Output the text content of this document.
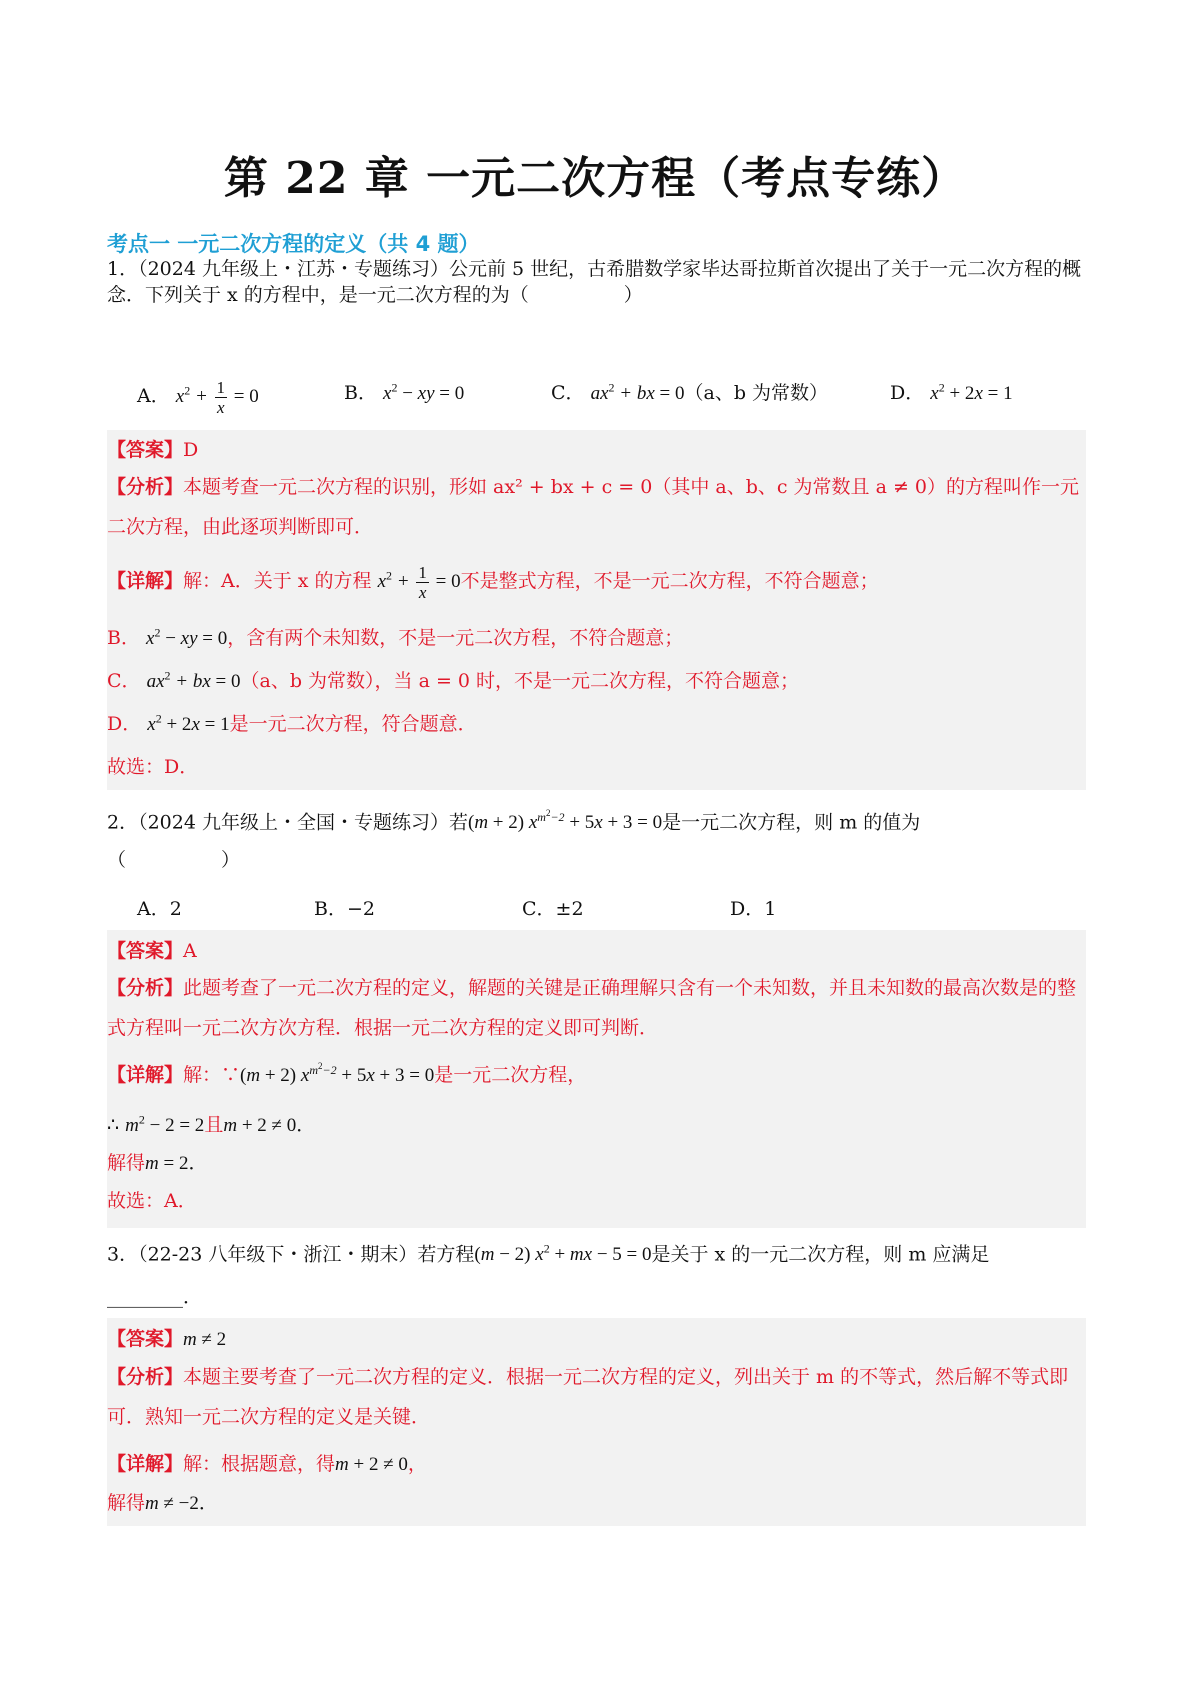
第 22 章 一元二次方程（考点专练）
考点一 一元二次方程的定义（共 4 题）
1．（2024 九年级上・江苏・专题练习）公元前 5 世纪，古希腊数学家毕达哥拉斯首次提出了关于一元二次方程的概念．下列关于 x 的方程中，是一元二次方程的为（　　　　　）
A． $x^2 + \frac{1}{x} = 0$	B． $x^2$ − xy = 0	C． $ax^2$ + bx = 0（a、b 为常数）	D． $x^2 + 2x = 1$
【答案】D
【分析】本题考查一元二次方程的识别，形如 ax² + bx + c = 0（其中 a、b、c 为常数且 a ≠ 0）的方程叫作一元二次方程，由此逐项判断即可．
【详解】解：A．关于 x 的方程 $x^2 + \frac{1}{x} = 0$不是整式方程，不是一元二次方程，不符合题意；
B． $x^2$ − xy = 0，含有两个未知数，不是一元二次方程，不符合题意；
C． $ax^2$ + bx = 0（a、b 为常数），当 a = 0 时，不是一元二次方程，不符合题意；
D． $x^2 + 2x = 1$是一元二次方程，符合题意．
故选：D．
2．（2024 九年级上・全国・专题练习）若(m + 2) $x^{m^2-2} + 5x + 3 = 0$是一元二次方程，则 m 的值为
（　　　　　）
A．2	B．−2	C．±2	D．1
【答案】A
【分析】此题考查了一元二次方程的定义，解题的关键是正确理解只含有一个未知数，并且未知数的最高次数是的整式方程叫一元二次方次方程．根据一元二次方程的定义即可判断．
【详解】解：∵(m + 2) $x^{m^2-2} + 5x + 3 = 0$是一元二次方程，
∴ $m^2 - 2 = 2$且m + 2 ≠ 0．
解得m = 2．
故选：A．
3．（22-23 八年级下・浙江・期末）若方程(m − 2) $x^2$ + mx − 5 = 0是关于 x 的一元二次方程，则 m 应满足
________．
【答案】m ≠ 2
【分析】本题主要考查了一元二次方程的定义．根据一元二次方程的定义，列出关于 m 的不等式，然后解不等式即可．熟知一元二次方程的定义是关键．
【详解】解：根据题意，得m + 2 ≠ 0，
解得m ≠ −2．
